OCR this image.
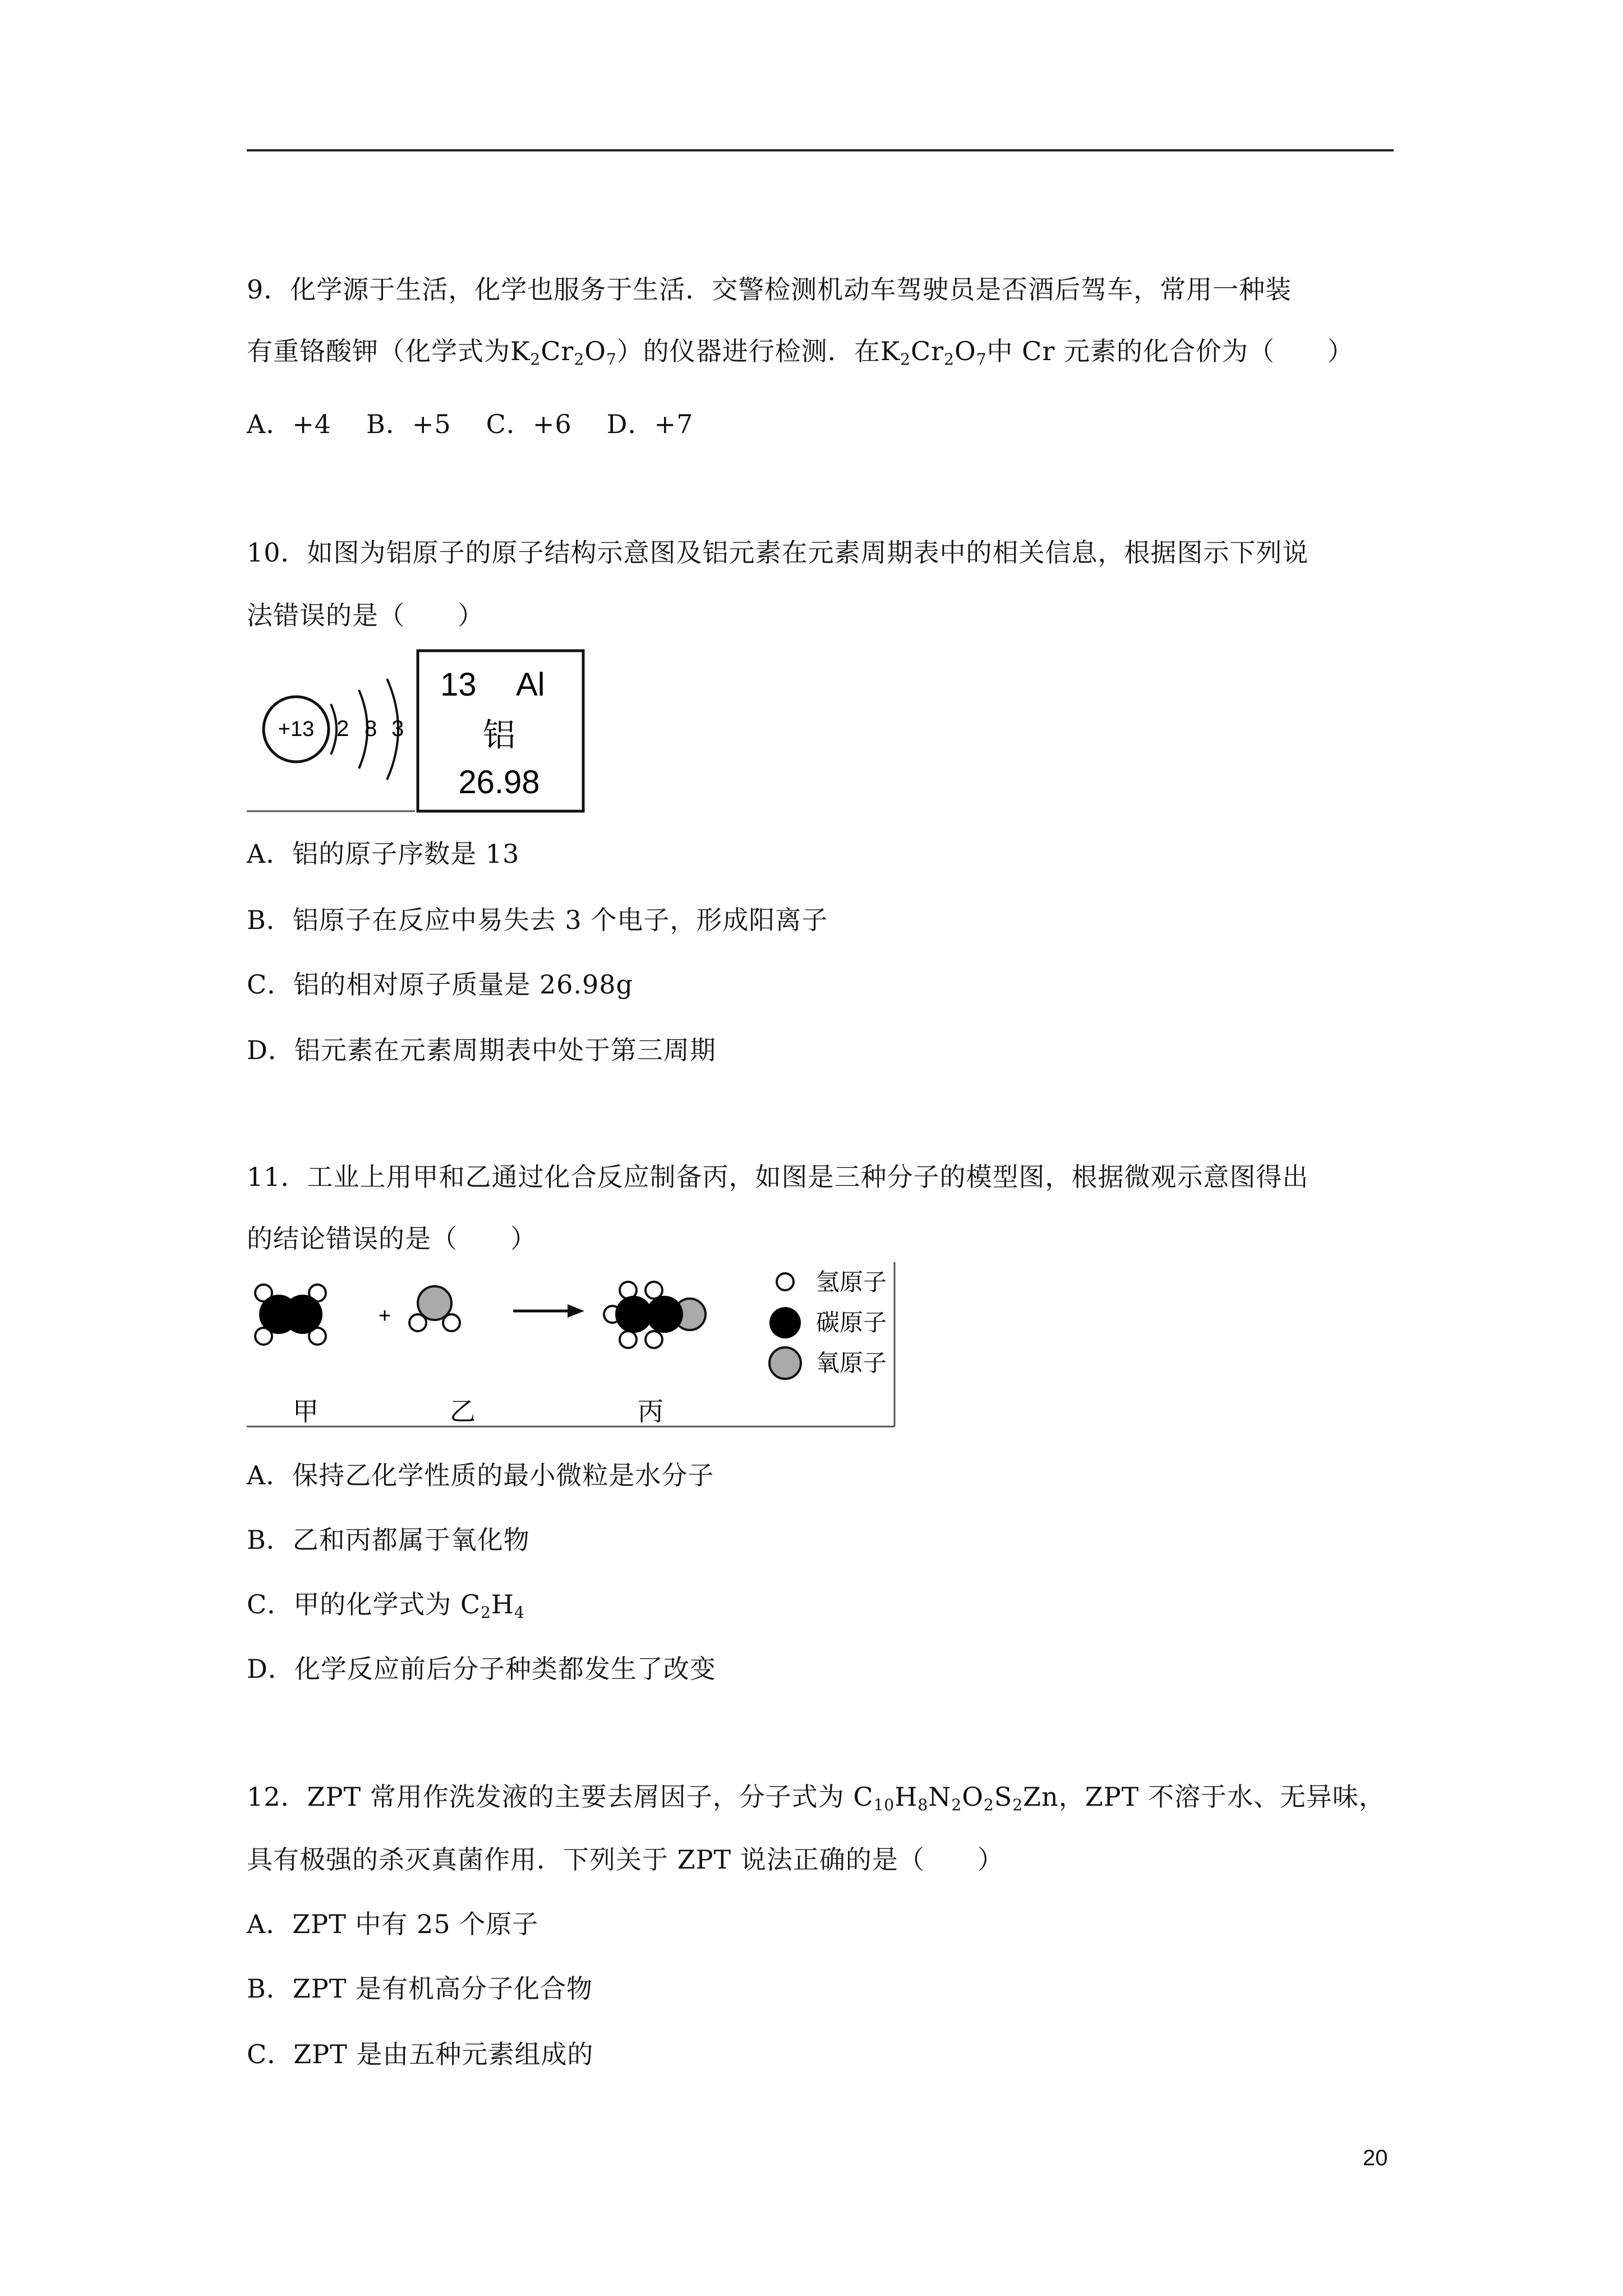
9．化学源于生活，化学也服务于生活．交警检测机动车驾驶员是否酒后驾车，常用一种装
有重铬酸钾（化学式为$K_2Cr_2O_7$）的仪器进行检测．在$K_2Cr_2O_7$中 Cr 元素的化合价为（　　）
A．+4 B．+5 C．+6 D．+7
10．如图为铝原子的原子结构示意图及铝元素在元素周期表中的相关信息，根据图示下列说
法错误的是（　　）
+13 2 8 3
13 Al
铝
26.98
A．铝的原子序数是 13
B．铝原子在反应中易失去 3 个电子，形成阳离子
C．铝的相对原子质量是 26.98g
D．铝元素在元素周期表中处于第三周期
11．工业上用甲和乙通过化合反应制备丙，如图是三种分子的模型图，根据微观示意图得出
的结论错误的是（　　）
+
氢原子
碳原子
氧原子
甲	乙	丙
A．保持乙化学性质的最小微粒是水分子
B．乙和丙都属于氧化物
C．甲的化学式为 $C_2H_4$
D．化学反应前后分子种类都发生了改变
12．ZPT 常用作洗发液的主要去屑因子，分子式为 $C_{10}H_8N_2O_2S_2Zn$，ZPT 不溶于水、无异味，
具有极强的杀灭真菌作用．下列关于 ZPT 说法正确的是（　　）
A．ZPT 中有 25 个原子
B．ZPT 是有机高分子化合物
C．ZPT 是由五种元素组成的
20
